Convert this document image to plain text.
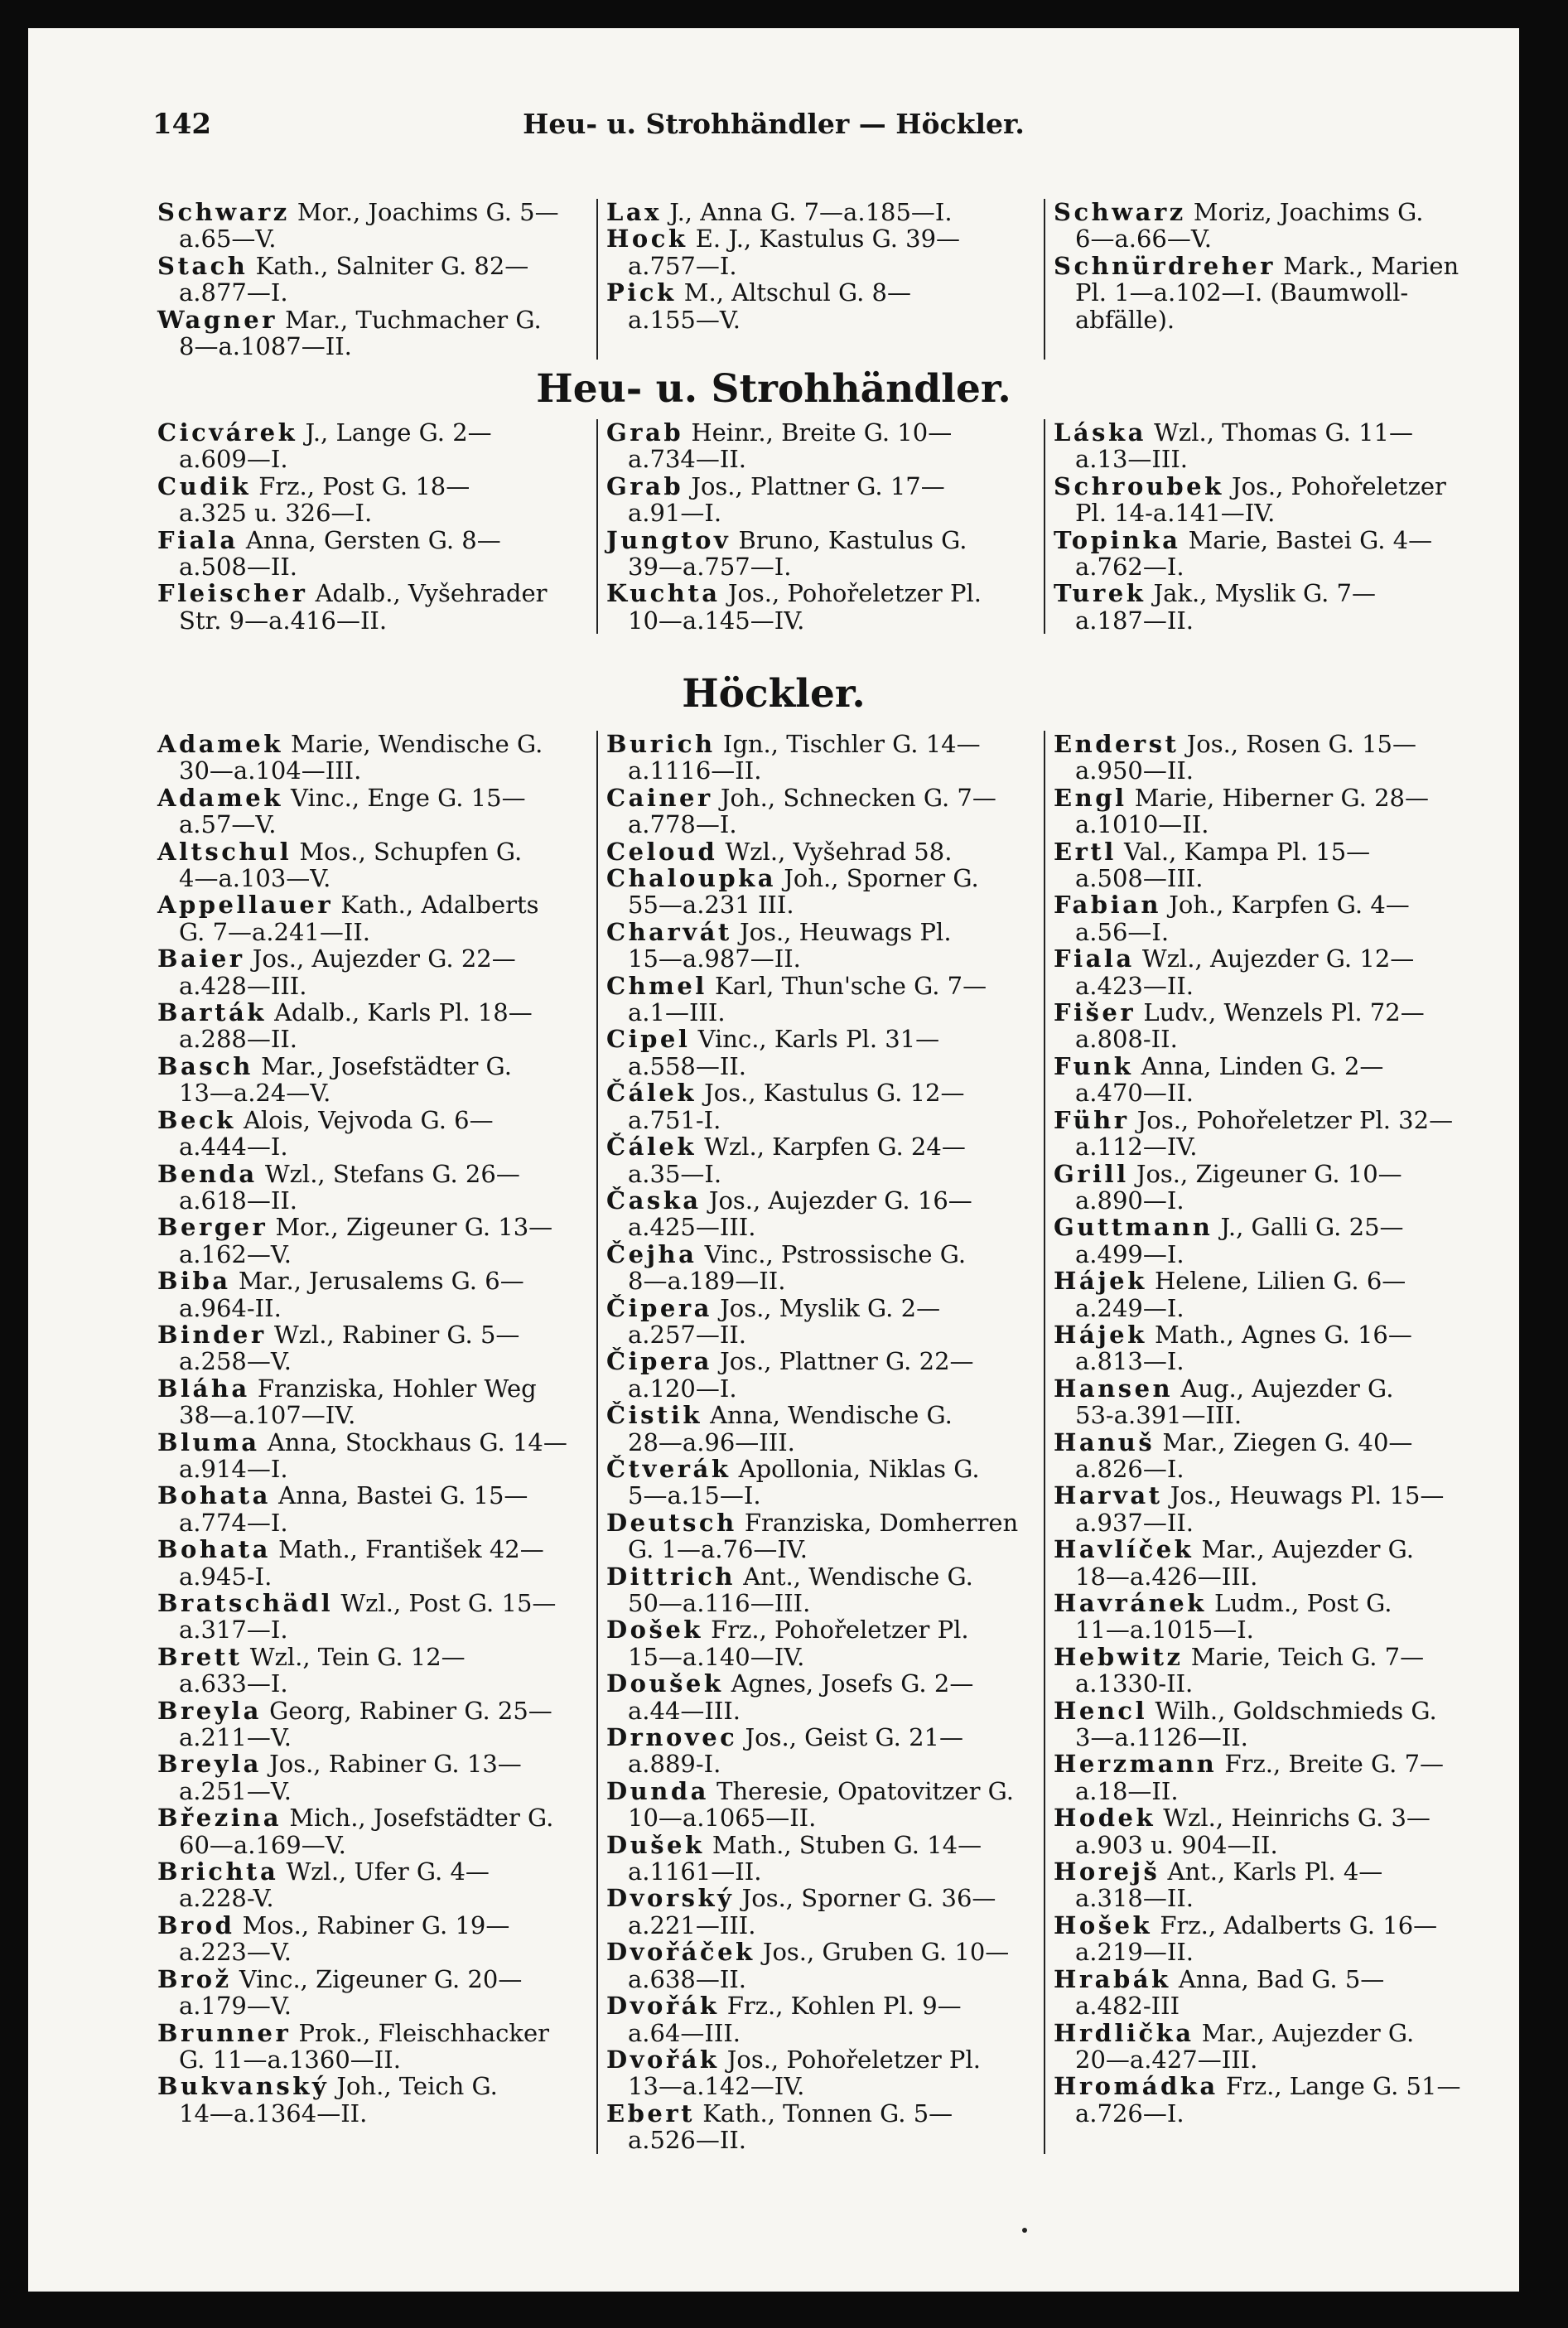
142	Heu- u. Strohhändler — Höckler.
Schwarz Mor., Joachims G. 5—
a.65—V.
Stach Kath., Salniter G. 82—
a.877—I.
Wagner Mar., Tuchmacher G.
8—a.1087—II.
Lax J., Anna G. 7—a.185—I.
Hock E. J., Kastulus G. 39—
a.757—I.
Pick M., Altschul G. 8—
a.155—V.
Schwarz Moriz, Joachims G.
6—a.66—V.
Schnürdreher Mark., Marien
Pl. 1—a.102—I. (Baumwoll-abfälle).
Heu- u. Strohhändler.
Cicvárek J., Lange G. 2—
a.609—I.
Cudik Frz., Post G. 18—
a.325 u. 326—I.
Fiala Anna, Gersten G. 8—
a.508—II.
Fleischer Adalb., Vyšehrader
Str. 9—a.416—II.
Grab Heinr., Breite G. 10—
a.734—II.
Grab Jos., Plattner G. 17—
a.91—I.
Jungtov Bruno, Kastulus G.
39—a.757—I.
Kuchta Jos., Pohořeletzer Pl.
10—a.145—IV.
Láska Wzl., Thomas G. 11—
a.13—III.
Schroubek Jos., Pohořeletzer
Pl. 14-a.141—IV.
Topinka Marie, Bastei G. 4—
a.762—I.
Turek Jak., Myslik G. 7—
a.187—II.
Höckler.
Adamek Marie, Wendische G.
30—a.104—III.
Adamek Vinc., Enge G. 15—
a.57—V.
Altschul Mos., Schupfen G.
4—a.103—V.
Appellauer Kath., Adalberts
G. 7—a.241—II.
Baier Jos., Aujezder G. 22—
a.428—III.
Barták Adalb., Karls Pl. 18—
a.288—II.
Basch Mar., Josefstädter G.
13—a.24—V.
Beck Alois, Vejvoda G. 6—
a.444—I.
Benda Wzl., Stefans G. 26—
a.618—II.
Berger Mor., Zigeuner G. 13—
a.162—V.
Biba Mar., Jerusalems G. 6—
a.964-II.
Binder Wzl., Rabiner G. 5—
a.258—V.
Bláha Franziska, Hohler Weg
38—a.107—IV.
Bluma Anna, Stockhaus G. 14—
a.914—I.
Bohata Anna, Bastei G. 15—
a.774—I.
Bohata Math., František 42—
a.945-I.
Bratschädl Wzl., Post G. 15—
a.317—I.
Brett Wzl., Tein G. 12—
a.633—I.
Breyla Georg, Rabiner G. 25—
a.211—V.
Breyla Jos., Rabiner G. 13—
a.251—V.
Březina Mich., Josefstädter G.
60—a.169—V.
Brichta Wzl., Ufer G. 4—
a.228-V.
Brod Mos., Rabiner G. 19—
a.223—V.
Brož Vinc., Zigeuner G. 20—
a.179—V.
Brunner Prok., Fleischhacker
G. 11—a.1360—II.
Bukvanský Joh., Teich G.
14—a.1364—II.
Burich Ign., Tischler G. 14—
a.1116—II.
Cainer Joh., Schnecken G. 7—
a.778—I.
Celoud Wzl., Vyšehrad 58.
Chaloupka Joh., Sporner G.
55—a.231 III.
Charvát Jos., Heuwags Pl.
15—a.987—II.
Chmel Karl, Thun'sche G. 7—
a.1—III.
Cipel Vinc., Karls Pl. 31—
a.558—II.
Čálek Jos., Kastulus G. 12—
a.751-I.
Čálek Wzl., Karpfen G. 24—
a.35—I.
Časka Jos., Aujezder G. 16—
a.425—III.
Čejha Vinc., Pstrossische G.
8—a.189—II.
Čipera Jos., Myslik G. 2—
a.257—II.
Čipera Jos., Plattner G. 22—
a.120—I.
Čistik Anna, Wendische G.
28—a.96—III.
Čtverák Apollonia, Niklas G.
5—a.15—I.
Deutsch Franziska, Domherren
G. 1—a.76—IV.
Dittrich Ant., Wendische G.
50—a.116—III.
Došek Frz., Pohořeletzer Pl.
15—a.140—IV.
Doušek Agnes, Josefs G. 2—
a.44—III.
Drnovec Jos., Geist G. 21—
a.889-I.
Dunda Theresie, Opatovitzer G.
10—a.1065—II.
Dušek Math., Stuben G. 14—
a.1161—II.
Dvorský Jos., Sporner G. 36—
a.221—III.
Dvořáček Jos., Gruben G. 10—
a.638—II.
Dvořák Frz., Kohlen Pl. 9—
a.64—III.
Dvořák Jos., Pohořeletzer Pl.
13—a.142—IV.
Ebert Kath., Tonnen G. 5—
a.526—II.
Enderst Jos., Rosen G. 15—
a.950—II.
Engl Marie, Hiberner G. 28—
a.1010—II.
Ertl Val., Kampa Pl. 15—
a.508—III.
Fabian Joh., Karpfen G. 4—
a.56—I.
Fiala Wzl., Aujezder G. 12—
a.423—II.
Fišer Ludv., Wenzels Pl. 72—
a.808-II.
Funk Anna, Linden G. 2—
a.470—II.
Führ Jos., Pohořeletzer Pl. 32—
a.112—IV.
Grill Jos., Zigeuner G. 10—
a.890—I.
Guttmann J., Galli G. 25—
a.499—I.
Hájek Helene, Lilien G. 6—
a.249—I.
Hájek Math., Agnes G. 16—
a.813—I.
Hansen Aug., Aujezder G.
53-a.391—III.
Hanuš Mar., Ziegen G. 40—
a.826—I.
Harvat Jos., Heuwags Pl. 15—
a.937—II.
Havlíček Mar., Aujezder G.
18—a.426—III.
Havránek Ludm., Post G.
11—a.1015—I.
Hebwitz Marie, Teich G. 7—
a.1330-II.
Hencl Wilh., Goldschmieds G.
3—a.1126—II.
Herzmann Frz., Breite G. 7—
a.18—II.
Hodek Wzl., Heinrichs G. 3—
a.903 u. 904—II.
Horejš Ant., Karls Pl. 4—
a.318—II.
Hošek Frz., Adalberts G. 16—
a.219—II.
Hrabák Anna, Bad G. 5—
a.482-III
Hrdlička Mar., Aujezder G.
20—a.427—III.
Hromádka Frz., Lange G. 51—
a.726—I.
